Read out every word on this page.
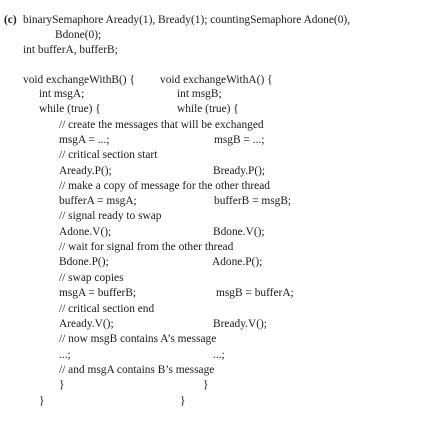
(c) binarySemaphore Aready(1), Bready(1); countingSemaphore Adone(0),
Bdone(0);
int bufferA, bufferB;
void exchangeWithB() { void exchangeWithA() {
int msgA;	int msgB;
while (true) {	while (true) {
// create the messages that will be exchanged
msgA = ...;	msgB = ...;
// critical section start
Aready.P();	Bready.P();
// make a copy of message for the other thread
bufferA = msgA;	bufferB = msgB;
// signal ready to swap
Adone.V();	Bdone.V();
// wait for signal from the other thread
Bdone.P();	Adone.P();
// swap copies
msgA = bufferB;	msgB = bufferA;
// critical section end
Aready.V();	Bready.V();
// now msgB contains A’s message
...;	...;
// and msgA contains B’s message
}	}
}	}
